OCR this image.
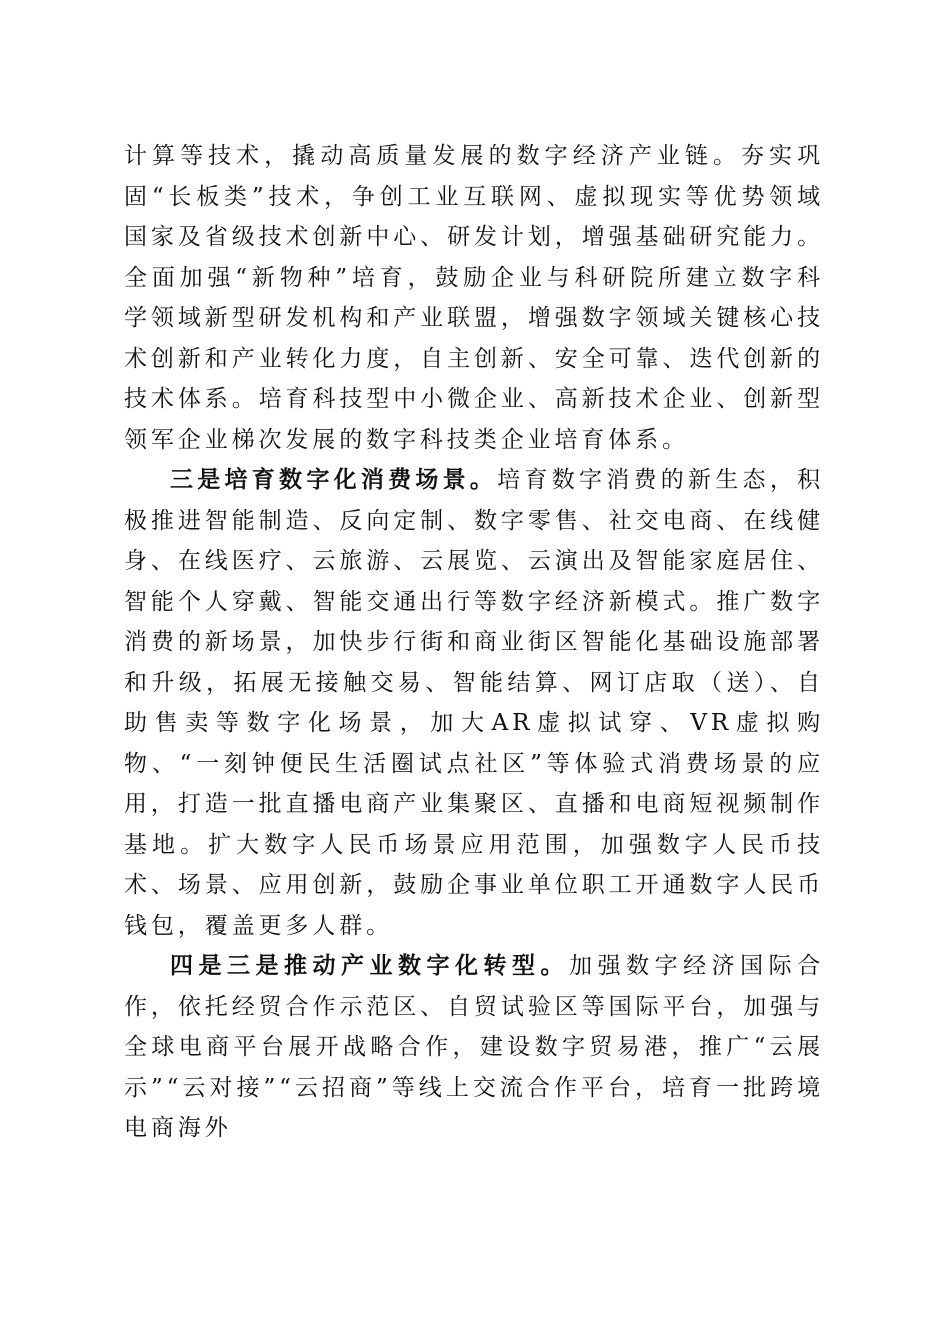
计算等技术，撬动高质量发展的数字经济产业链。夯实巩固“长板类”技术，争创工业互联网、虚拟现实等优势领域国家及省级技术创新中心、研发计划，增强基础研究能力。全面加强“新物种”培育，鼓励企业与科研院所建立数字科学领域新型研发机构和产业联盟，增强数字领域关键核心技术创新和产业转化力度，自主创新、安全可靠、迭代创新的技术体系。培育科技型中小微企业、高新技术企业、创新型领军企业梯次发展的数字科技类企业培育体系。

三是培育数字化消费场景。培育数字消费的新生态，积极推进智能制造、反向定制、数字零售、社交电商、在线健身、在线医疗、云旅游、云展览、云演出及智能家庭居住、智能个人穿戴、智能交通出行等数字经济新模式。推广数字消费的新场景，加快步行街和商业街区智能化基础设施部署和升级，拓展无接触交易、智能结算、网订店取（送）、自助售卖等数字化场景，加大AR虚拟试穿、VR虚拟购物、“一刻钟便民生活圈试点社区”等体验式消费场景的应用，打造一批直播电商产业集聚区、直播和电商短视频制作基地。扩大数字人民币场景应用范围，加强数字人民币技术、场景、应用创新，鼓励企事业单位职工开通数字人民币钱包，覆盖更多人群。

四是三是推动产业数字化转型。加强数字经济国际合作，依托经贸合作示范区、自贸试验区等国际平台，加强与全球电商平台展开战略合作，建设数字贸易港，推广“云展示”“云对接”“云招商”等线上交流合作平台，培育一批跨境电商海外
